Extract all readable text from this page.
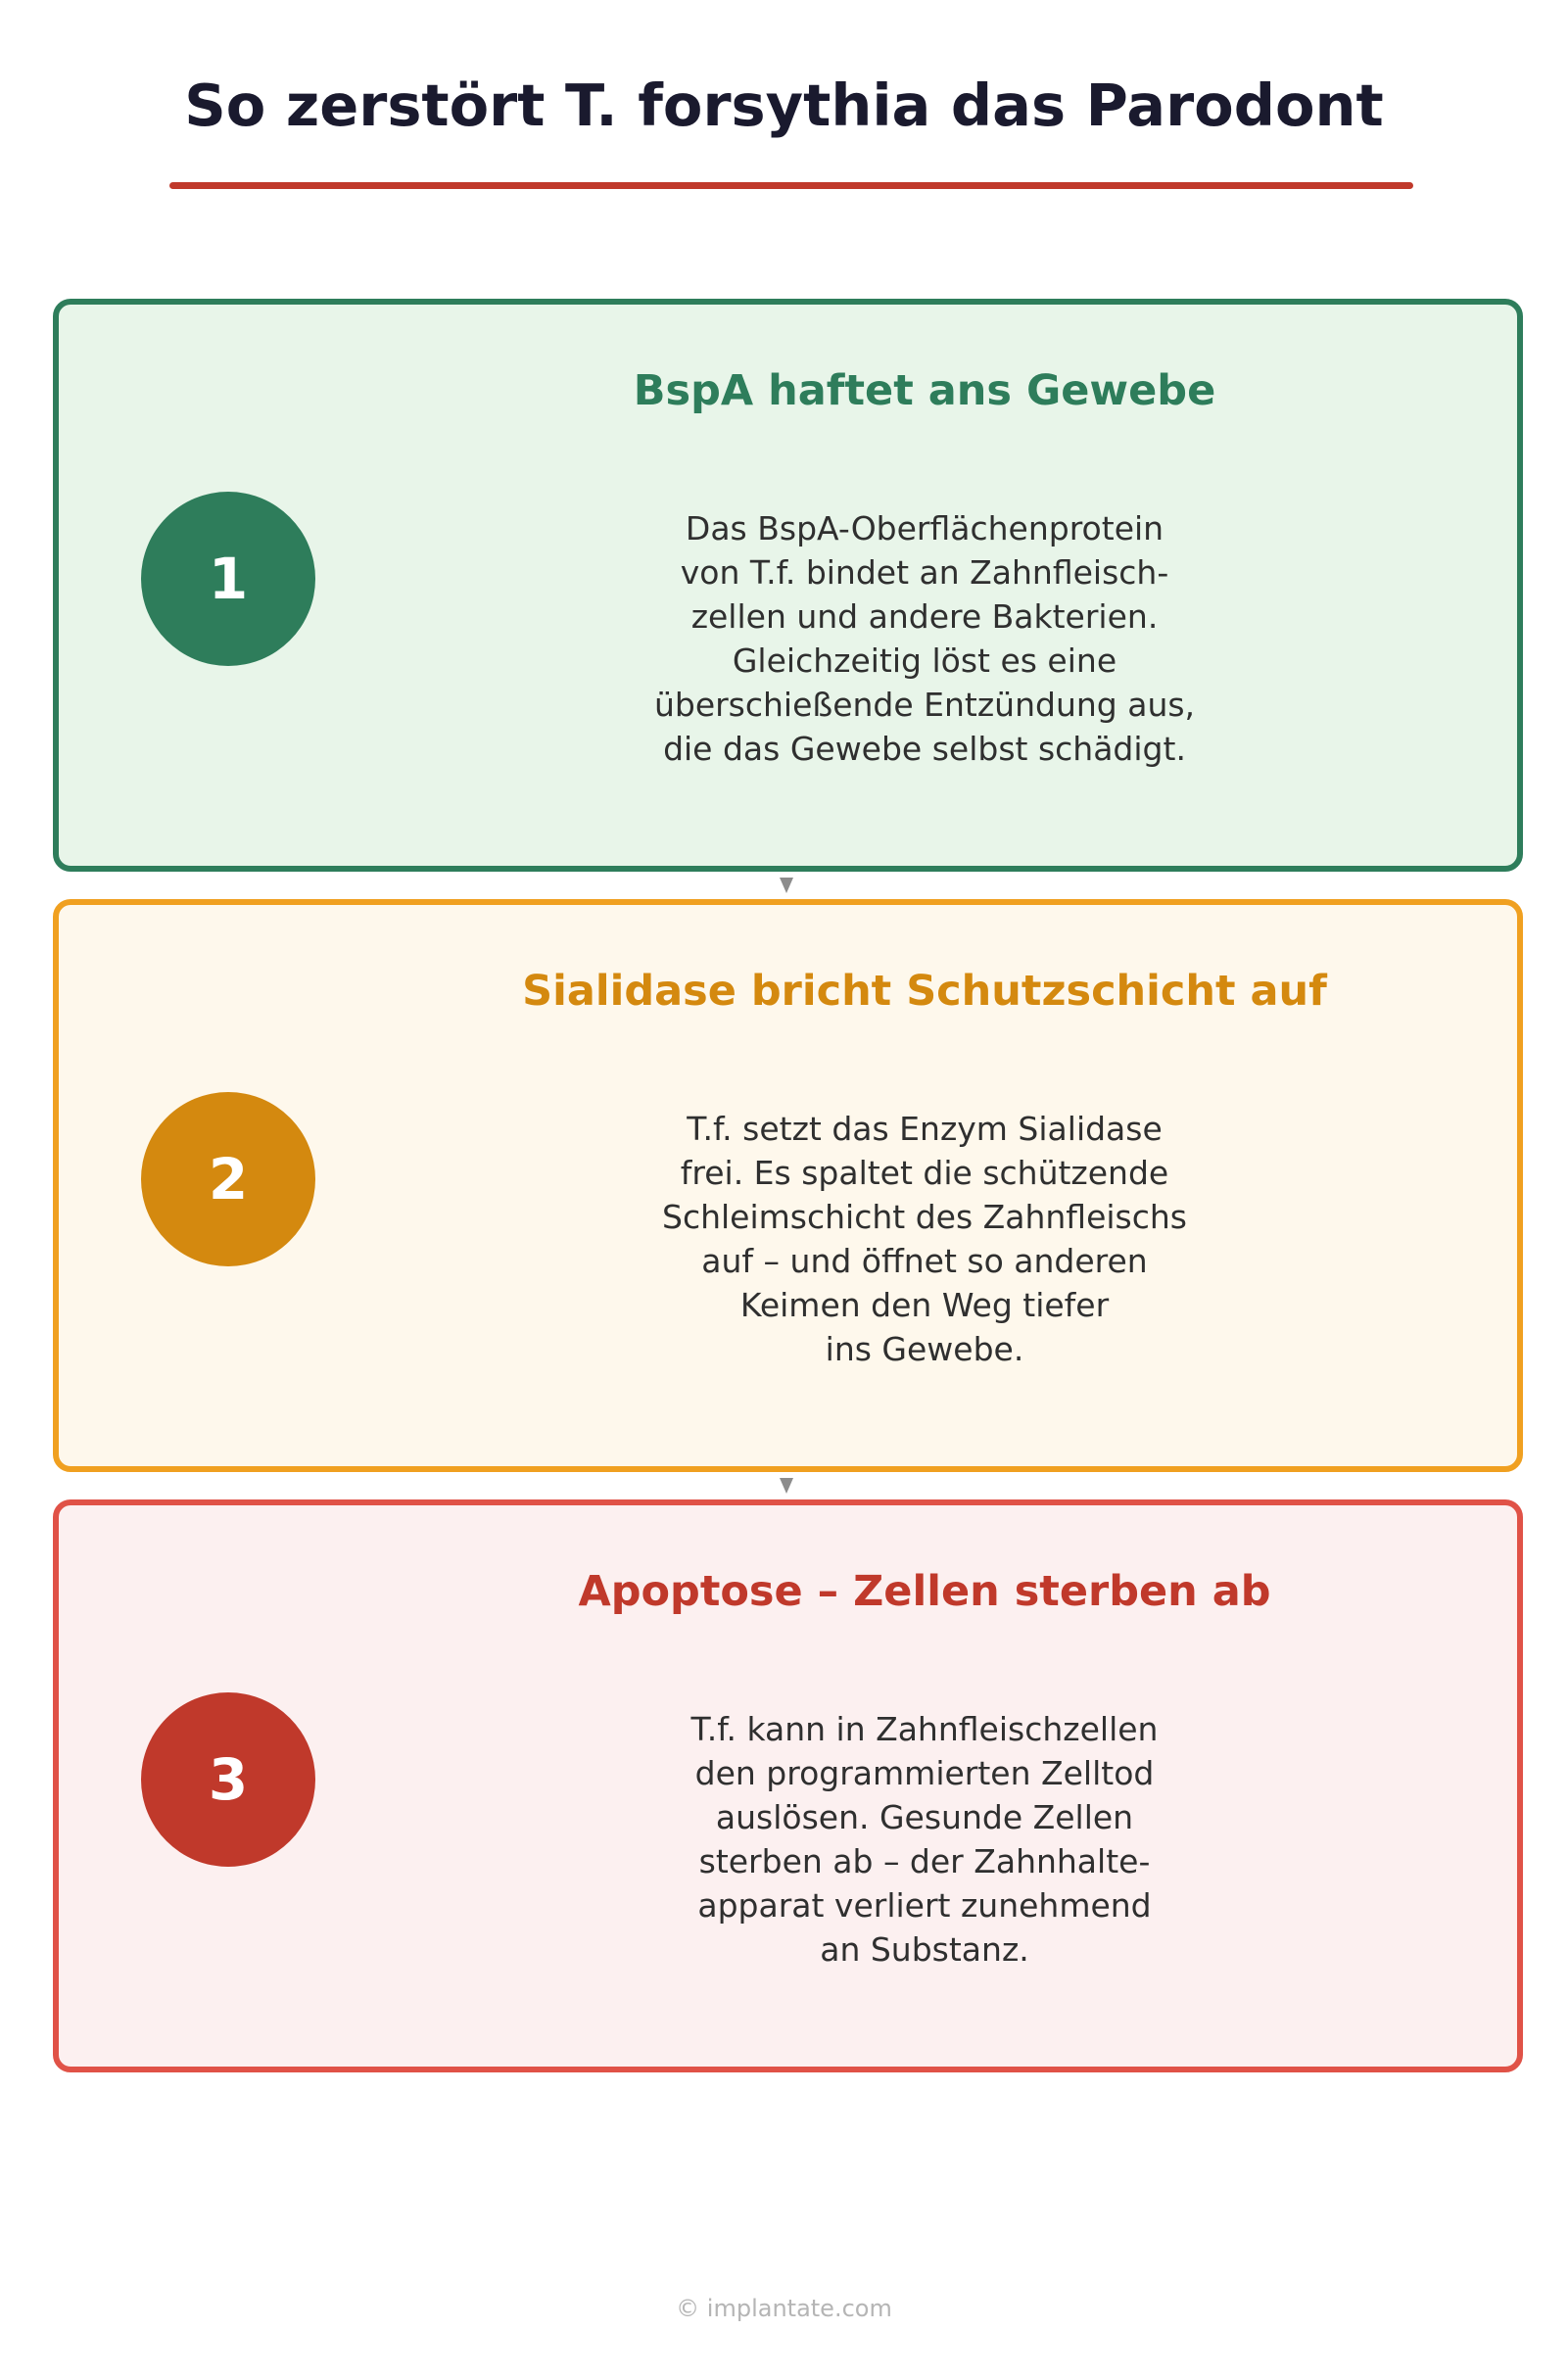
So zerstört T. forsythia das Parodont
BspA haftet ans Gewebe
1
Das BspA-Oberflächenprotein
von T.f. bindet an Zahnfleisch-
zellen und andere Bakterien.
Gleichzeitig löst es eine
überschießende Entzündung aus,
die das Gewebe selbst schädigt.
Sialidase bricht Schutzschicht auf
2
T.f. setzt das Enzym Sialidase
frei. Es spaltet die schützende
Schleimschicht des Zahnfleischs
auf – und öffnet so anderen
Keimen den Weg tiefer
ins Gewebe.
Apoptose – Zellen sterben ab
3
T.f. kann in Zahnfleischzellen
den programmierten Zelltod
auslösen. Gesunde Zellen
sterben ab – der Zahnhalte-
apparat verliert zunehmend
an Substanz.
© implantate.com
